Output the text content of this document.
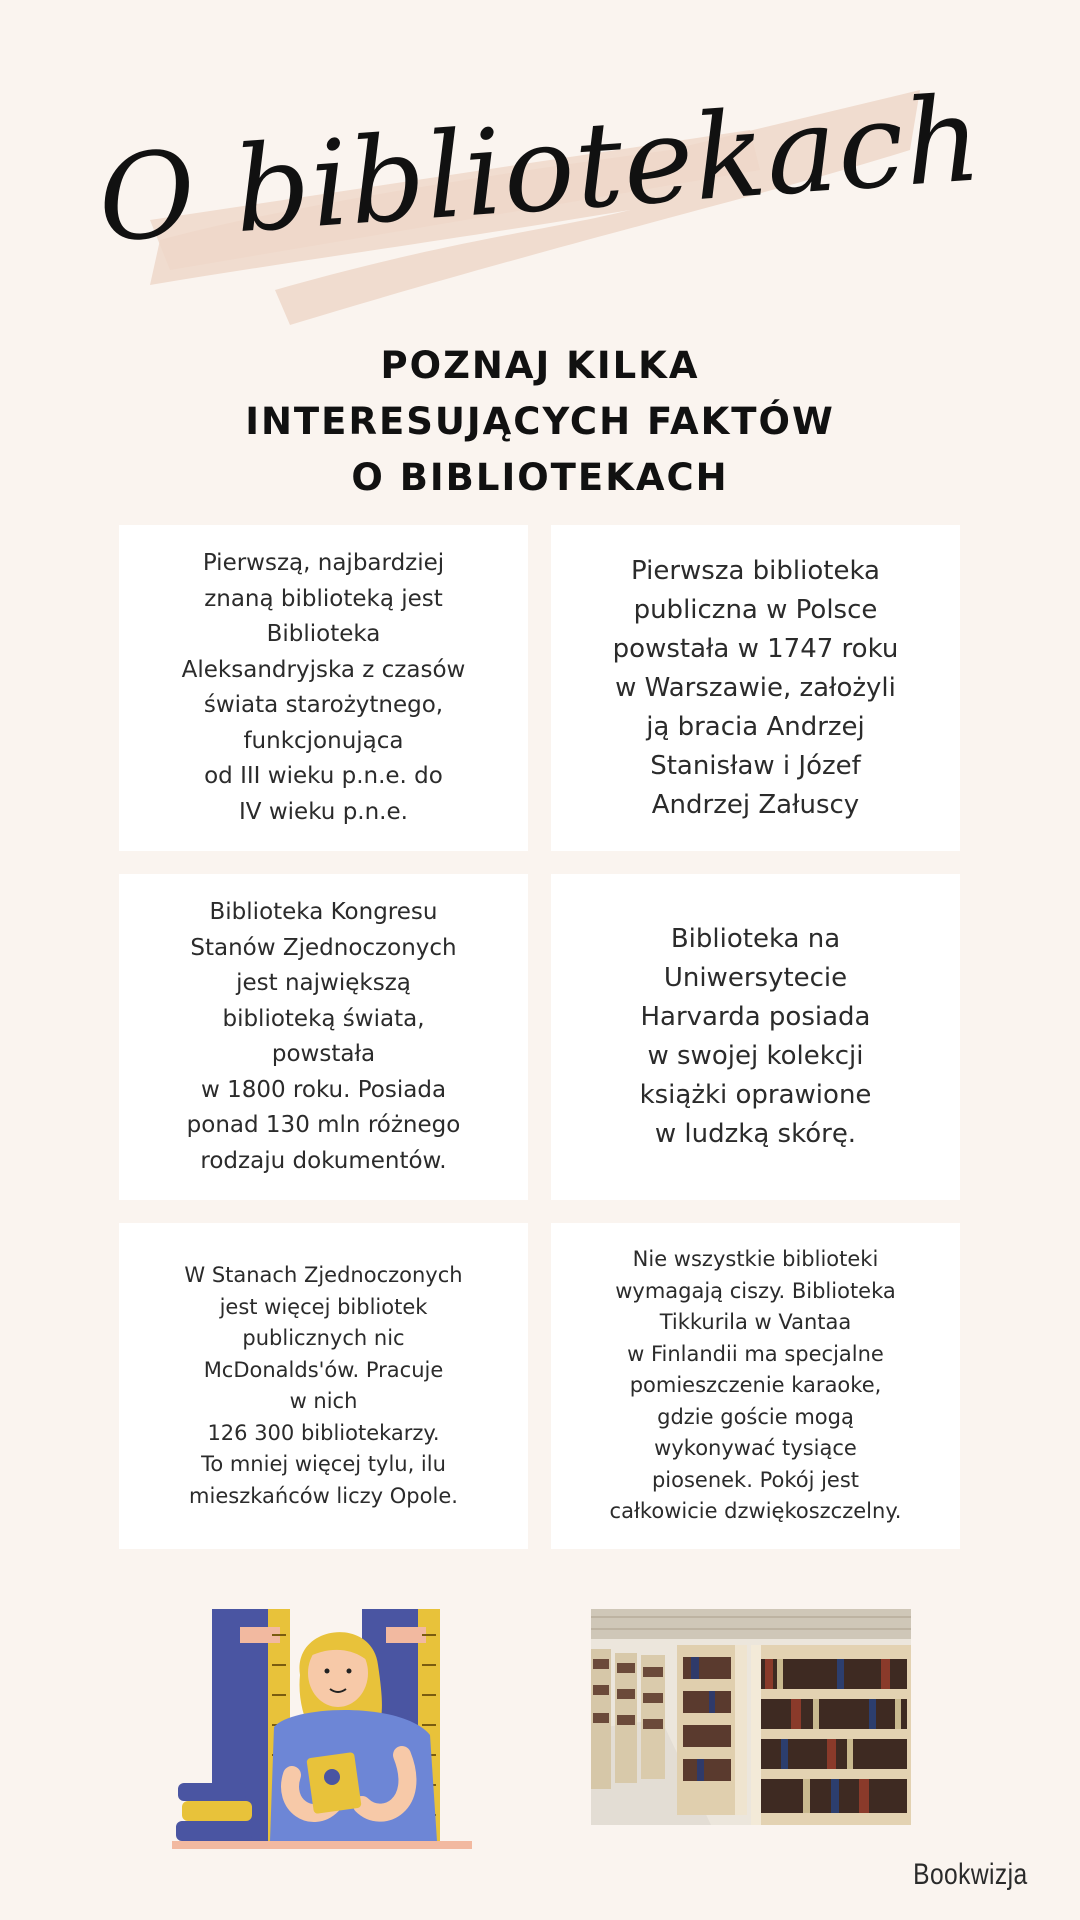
O bibliotekach
POZNAJ KILKA
INTERESUJĄCYCH FAKTÓW
O BIBLIOTEKACH
Pierwszą, najbardziej
znaną biblioteką jest
Biblioteka
Aleksandryjska z czasów
świata starożytnego,
funkcjonująca
od III wieku p.n.e. do
IV wieku p.n.e.
Pierwsza biblioteka
publiczna w Polsce
powstała w 1747 roku
w Warszawie, założyli
ją bracia Andrzej
Stanisław i Józef
Andrzej Załuscy
Biblioteka Kongresu
Stanów Zjednoczonych
jest największą
biblioteką świata,
powstała
w 1800 roku. Posiada
ponad 130 mln różnego
rodzaju dokumentów.
Biblioteka na
Uniwersytecie
Harvarda posiada
w swojej kolekcji
książki oprawione
w ludzką skórę.
W Stanach Zjednoczonych
jest więcej bibliotek
publicznych nic
McDonalds'ów. Pracuje
w nich
126 300 bibliotekarzy.
To mniej więcej tylu, ilu
mieszkańców liczy Opole.
Nie wszystkie biblioteki
wymagają ciszy. Biblioteka
Tikkurila w Vantaa
w Finlandii ma specjalne
pomieszczenie karaoke,
gdzie goście mogą
wykonywać tysiące
piosenek. Pokój jest
całkowicie dzwiękoszczelny.
Bookwizja
